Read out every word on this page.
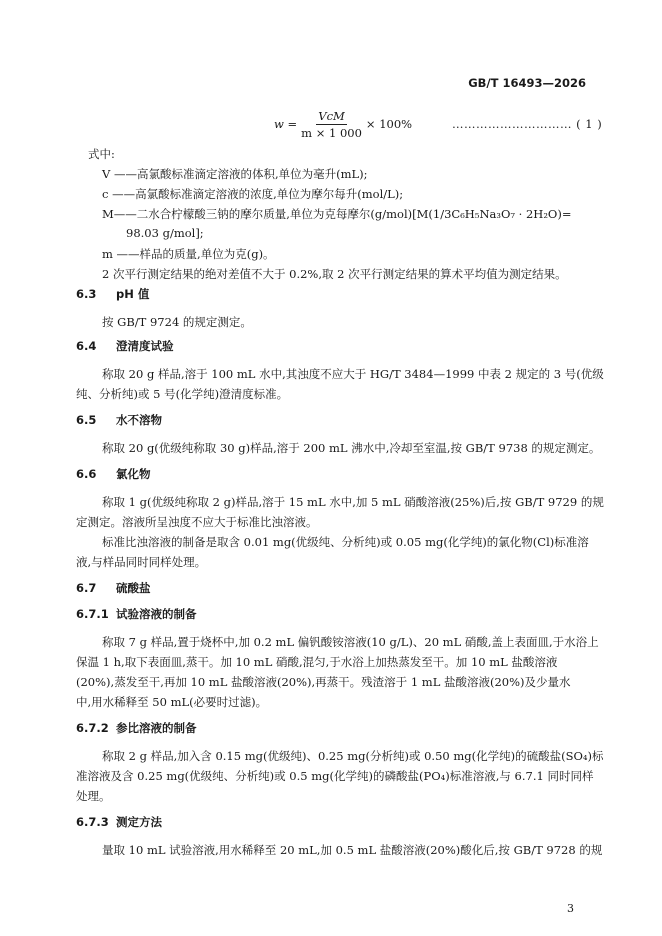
GB/T 16493—2026
$w = \frac{\text{VcM}}{m \times 1 000} \times 100\%$	………………………… ( 1 )
式中:
V ——高氯酸标准滴定溶液的体积,单位为毫升(mL);
c ——高氯酸标准滴定溶液的浓度,单位为摩尔每升(mol/L);
M——二水合柠檬酸三钠的摩尔质量,单位为克每摩尔(g/mol)[M(1/3C₆H₅Na₃O₇ · 2H₂O)=
98.03 g/mol];
m ——样品的质量,单位为克(g)。
2 次平行测定结果的绝对差值不大于 0.2%,取 2 次平行测定结果的算术平均值为测定结果。
6.3 pH 值
按 GB/T 9724 的规定测定。
6.4 澄清度试验
称取 20 g 样品,溶于 100 mL 水中,其浊度不应大于 HG/T 3484—1999 中表 2 规定的 3 号(优级
纯、分析纯)或 5 号(化学纯)澄清度标准。
6.5 水不溶物
称取 20 g(优级纯称取 30 g)样品,溶于 200 mL 沸水中,冷却至室温,按 GB/T 9738 的规定测定。
6.6 氯化物
称取 1 g(优级纯称取 2 g)样品,溶于 15 mL 水中,加 5 mL 硝酸溶液(25%)后,按 GB/T 9729 的规
定测定。溶液所呈浊度不应大于标准比浊溶液。
标准比浊溶液的制备是取含 0.01 mg(优级纯、分析纯)或 0.05 mg(化学纯)的氯化物(Cl)标准溶
液,与样品同时同样处理。
6.7 硫酸盐
6.7.1 试验溶液的制备
称取 7 g 样品,置于烧杯中,加 0.2 mL 偏钒酸铵溶液(10 g/L)、20 mL 硝酸,盖上表面皿,于水浴上
保温 1 h,取下表面皿,蒸干。加 10 mL 硝酸,混匀,于水浴上加热蒸发至干。加 10 mL 盐酸溶液
(20%),蒸发至干,再加 10 mL 盐酸溶液(20%),再蒸干。残渣溶于 1 mL 盐酸溶液(20%)及少量水
中,用水稀释至 50 mL(必要时过滤)。
6.7.2 参比溶液的制备
称取 2 g 样品,加入含 0.15 mg(优级纯)、0.25 mg(分析纯)或 0.50 mg(化学纯)的硫酸盐(SO₄)标
准溶液及含 0.25 mg(优级纯、分析纯)或 0.5 mg(化学纯)的磷酸盐(PO₄)标准溶液,与 6.7.1 同时同样
处理。
6.7.3 测定方法
量取 10 mL 试验溶液,用水稀释至 20 mL,加 0.5 mL 盐酸溶液(20%)酸化后,按 GB/T 9728 的规
3
